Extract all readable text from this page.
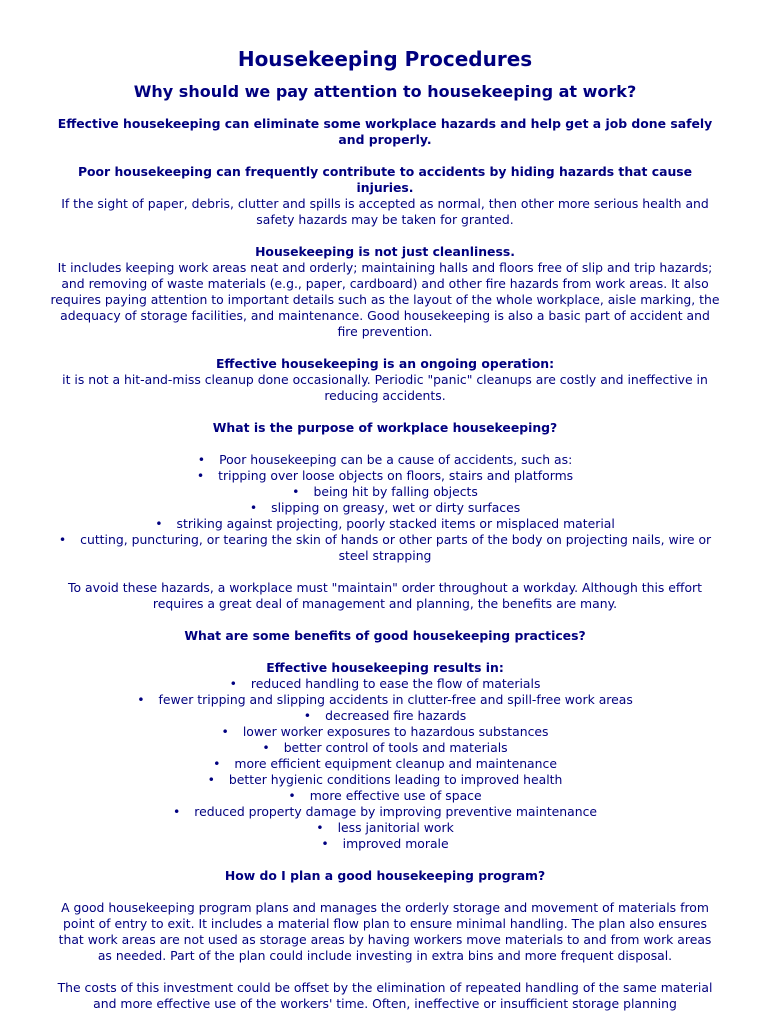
Housekeeping Procedures
Why should we pay attention to housekeeping at work?

Effective housekeeping can eliminate some workplace hazards and help get a job done safely and properly.

Poor housekeeping can frequently contribute to accidents by hiding hazards that cause injuries.

If the sight of paper, debris, clutter and spills is accepted as normal, then other more serious health and safety hazards may be taken for granted.

Housekeeping is not just cleanliness.

It includes keeping work areas neat and orderly; maintaining halls and floors free of slip and trip hazards; and removing of waste materials (e.g., paper, cardboard) and other fire hazards from work areas. It also requires paying attention to important details such as the layout of the whole workplace, aisle marking, the adequacy of storage facilities, and maintenance. Good housekeeping is also a basic part of accident and fire prevention.

Effective housekeeping is an ongoing operation:

it is not a hit-and-miss cleanup done occasionally. Periodic "panic" cleanups are costly and ineffective in reducing accidents.

What is the purpose of workplace housekeeping?

• Poor housekeeping can be a cause of accidents, such as:
• tripping over loose objects on floors, stairs and platforms
• being hit by falling objects
• slipping on greasy, wet or dirty surfaces
• striking against projecting, poorly stacked items or misplaced material
• cutting, puncturing, or tearing the skin of hands or other parts of the body on projecting nails, wire or steel strapping

To avoid these hazards, a workplace must "maintain" order throughout a workday. Although this effort requires a great deal of management and planning, the benefits are many.

What are some benefits of good housekeeping practices?

Effective housekeeping results in:

• reduced handling to ease the flow of materials
• fewer tripping and slipping accidents in clutter-free and spill-free work areas
• decreased fire hazards
• lower worker exposures to hazardous substances
• better control of tools and materials
• more efficient equipment cleanup and maintenance
• better hygienic conditions leading to improved health
• more effective use of space
• reduced property damage by improving preventive maintenance
• less janitorial work
• improved morale

How do I plan a good housekeeping program?

A good housekeeping program plans and manages the orderly storage and movement of materials from point of entry to exit. It includes a material flow plan to ensure minimal handling. The plan also ensures that work areas are not used as storage areas by having workers move materials to and from work areas as needed. Part of the plan could include investing in extra bins and more frequent disposal.

The costs of this investment could be offset by the elimination of repeated handling of the same material and more effective use of the workers' time. Often, ineffective or insufficient storage planning
